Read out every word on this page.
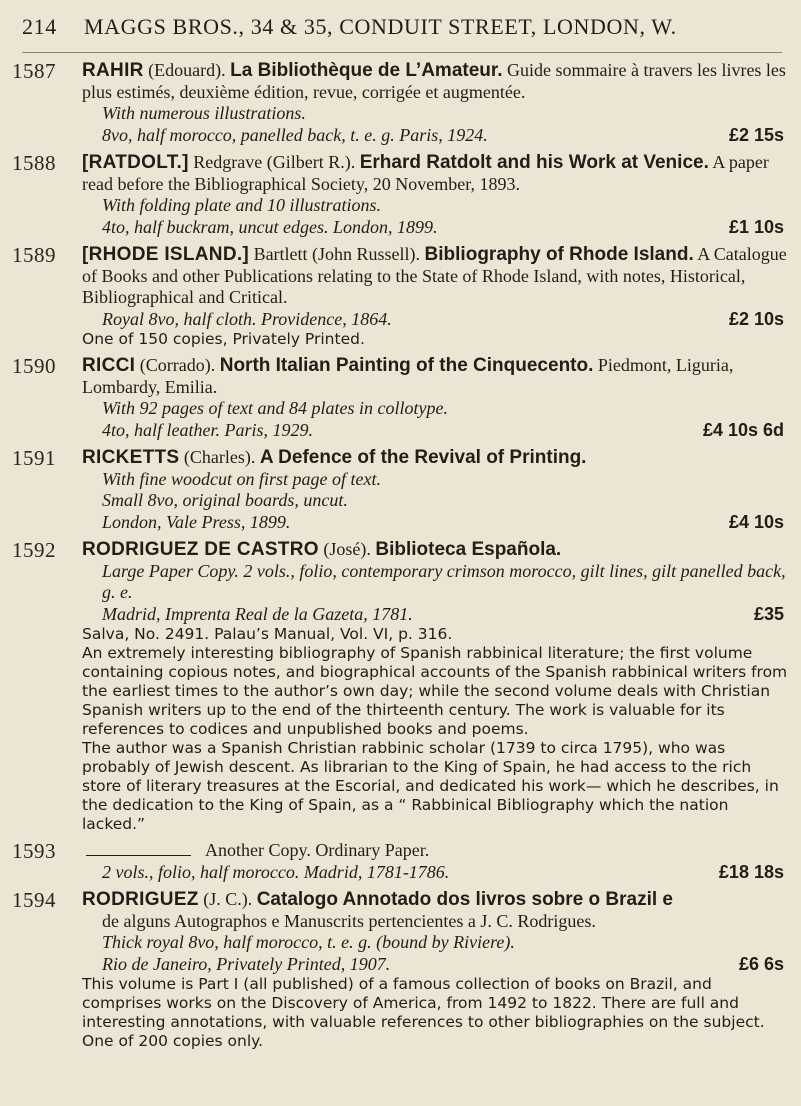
214 MAGGS BROS., 34 & 35, CONDUIT STREET, LONDON, W.
1587	RAHIR (Edouard). La Bibliothèque de L’Amateur. Guide sommaire à travers les livres les plus estimés, deuxième édition, revue, corrigée et augmentée.
With numerous illustrations.
8vo, half morocco, panelled back, t. e. g. Paris, 1924.	£2 15s
1588	[RATDOLT.] Redgrave (Gilbert R.). Erhard Ratdolt and his Work at Venice. A paper read before the Bibliographical Society, 20 November, 1893.
With folding plate and 10 illustrations.
4to, half buckram, uncut edges. London, 1899.	£1 10s
1589	[RHODE ISLAND.] Bartlett (John Russell). Bibliography of Rhode Island. A Catalogue of Books and other Publications relating to the State of Rhode Island, with notes, Historical, Bibliographical and Critical.
Royal 8vo, half cloth. Providence, 1864.	£2 10s
One of 150 copies, Privately Printed.
1590	RICCI (Corrado). North Italian Painting of the Cinquecento. Piedmont, Liguria, Lombardy, Emilia.
With 92 pages of text and 84 plates in collotype.
4to, half leather. Paris, 1929.	£4 10s 6d
1591	RICKETTS (Charles). A Defence of the Revival of Printing.
With fine woodcut on first page of text.
Small 8vo, original boards, uncut.
London, Vale Press, 1899.	£4 10s
1592	RODRIGUEZ DE CASTRO (José). Biblioteca Española.
Large Paper Copy. 2 vols., folio, contemporary crimson morocco, gilt lines, gilt panelled back, g. e.
Madrid, Imprenta Real de la Gazeta, 1781.	£35
Salva, No. 2491. Palau’s Manual, Vol. VI, p. 316.
An extremely interesting bibliography of Spanish rabbinical literature; the first volume containing copious notes, and biographical accounts of the Spanish rabbinical writers from the earliest times to the author’s own day; while the second volume deals with Christian Spanish writers up to the end of the thirteenth century. The work is valuable for its references to codices and unpublished books and poems.
The author was a Spanish Christian rabbinic scholar (1739 to circa 1795), who was probably of Jewish descent. As librarian to the King of Spain, he had access to the rich store of literary treasures at the Escorial, and dedicated his work— which he describes, in the dedication to the King of Spain, as a “ Rabbinical Bibliography which the nation lacked.”
1593	Another Copy. Ordinary Paper.
2 vols., folio, half morocco. Madrid, 1781-1786.	£18 18s
1594	RODRIGUEZ (J. C.). Catalogo Annotado dos livros sobre o Brazil e
de alguns Autographos e Manuscrits pertencientes a J. C. Rodrigues.
Thick royal 8vo, half morocco, t. e. g. (bound by Riviere).
Rio de Janeiro, Privately Printed, 1907.	£6 6s
This volume is Part I (all published) of a famous collection of books on Brazil, and comprises works on the Discovery of America, from 1492 to 1822. There are full and interesting annotations, with valuable references to other bibliographies on the subject. One of 200 copies only.
